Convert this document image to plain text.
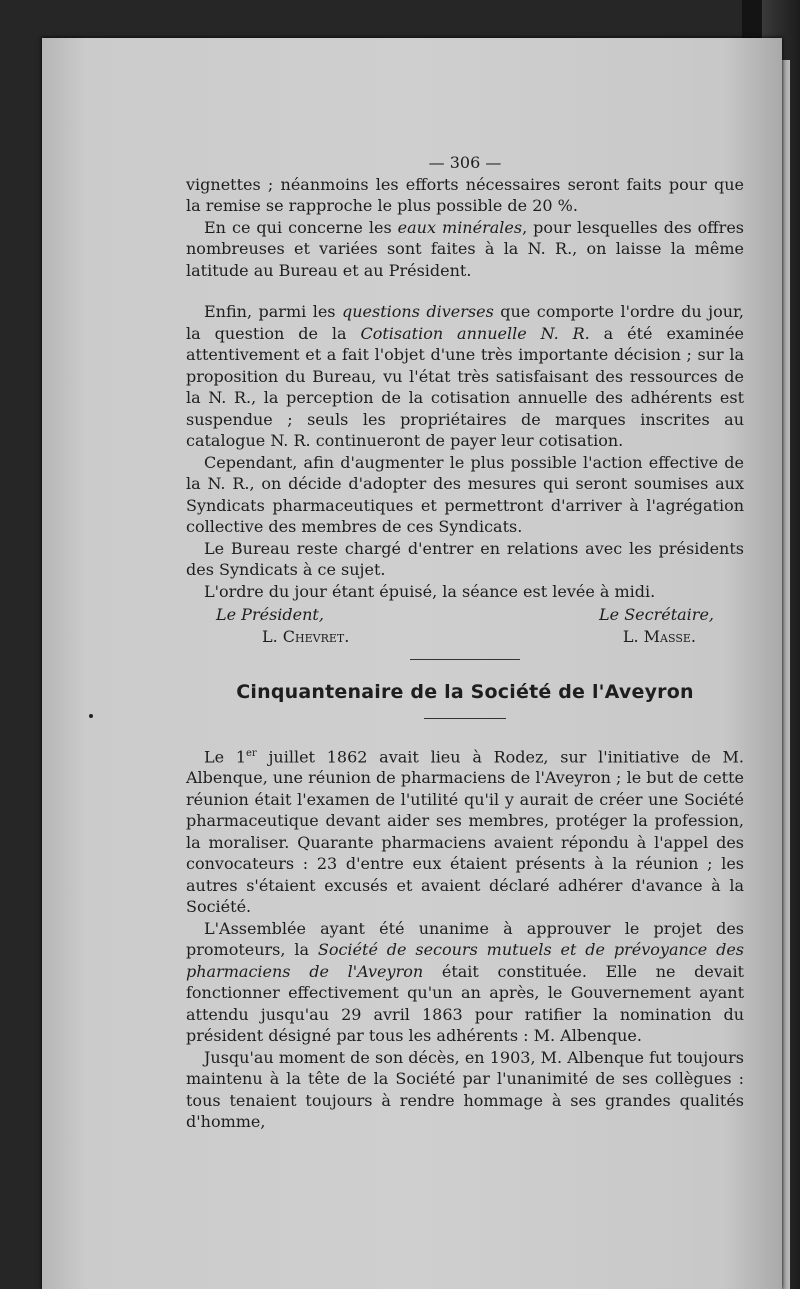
— 306 —

vignettes ; néanmoins les efforts nécessaires seront faits pour que la remise se rapproche le plus possible de 20 %.

En ce qui concerne les eaux minérales, pour lesquelles des offres nombreuses et variées sont faites à la N. R., on laisse la même latitude au Bureau et au Président.

Enfin, parmi les questions diverses que comporte l'ordre du jour, la question de la Cotisation annuelle N. R. a été examinée attentivement et a fait l'objet d'une très importante décision ; sur la proposition du Bureau, vu l'état très satisfaisant des ressources de la N. R., la perception de la cotisation annuelle des adhérents est suspendue ; seuls les propriétaires de marques inscrites au catalogue N. R. continueront de payer leur cotisation.

Cependant, afin d'augmenter le plus possible l'action effective de la N. R., on décide d'adopter des mesures qui seront soumises aux Syndicats pharmaceutiques et permettront d'arriver à l'agrégation collective des membres de ces Syndicats.

Le Bureau reste chargé d'entrer en relations avec les présidents des Syndicats à ce sujet.

L'ordre du jour étant épuisé, la séance est levée à midi.

Le Président,	Le Secrétaire,
L. Chevret.	L. Masse.
Cinquantenaire de la Société de l'Aveyron

Le 1er juillet 1862 avait lieu à Rodez, sur l'initiative de M. Albenque, une réunion de pharmaciens de l'Aveyron ; le but de cette réunion était l'examen de l'utilité qu'il y aurait de créer une Société pharmaceutique devant aider ses membres, protéger la profession, la moraliser. Quarante pharmaciens avaient répondu à l'appel des convocateurs : 23 d'entre eux étaient présents à la réunion ; les autres s'étaient excusés et avaient déclaré adhérer d'avance à la Société.

L'Assemblée ayant été unanime à approuver le projet des promoteurs, la Société de secours mutuels et de prévoyance des pharmaciens de l'Aveyron était constituée. Elle ne devait fonctionner effectivement qu'un an après, le Gouvernement ayant attendu jusqu'au 29 avril 1863 pour ratifier la nomination du président désigné par tous les adhérents : M. Albenque.

Jusqu'au moment de son décès, en 1903, M. Albenque fut toujours maintenu à la tête de la Société par l'unanimité de ses collègues : tous tenaient toujours à rendre hommage à ses grandes qualités d'homme,
